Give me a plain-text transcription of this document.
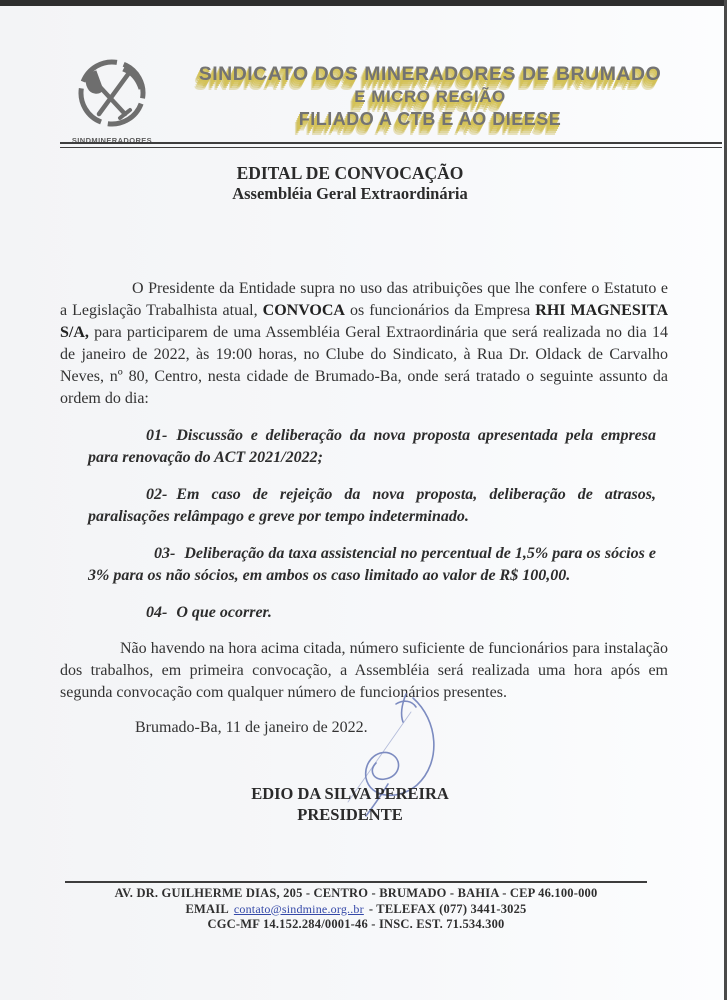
SINDMINERADORES
SINDICATO DOS MINERADORES DE BRUMADO
E MICRO REGIÃO
FILIADO A CTB E AO DIEESE
EDITAL DE CONVOCAÇÃO
Assembléia Geral Extraordinária

O Presidente da Entidade supra no uso das atribuições que lhe confere o Estatuto e a Legislação Trabalhista atual, CONVOCA os funcionários da Empresa RHI MAGNESITA S/A, para participarem de uma Assembléia Geral Extraordinária que será realizada no dia 14 de janeiro de 2022, às 19:00 horas, no Clube do Sindicato, à Rua Dr. Oldack de Carvalho Neves, nº 80, Centro, nesta cidade de Brumado-Ba, onde será tratado o seguinte assunto da ordem do dia:

01- Discussão e deliberação da nova proposta apresentada pela empresa para renovação do ACT 2021/2022;

02- Em caso de rejeição da nova proposta, deliberação de atrasos, paralisações relâmpago e greve por tempo indeterminado.

03- Deliberação da taxa assistencial no percentual de 1,5% para os sócios e 3% para os não sócios, em ambos os caso limitado ao valor de R$ 100,00.

04- O que ocorrer.

Não havendo na hora acima citada, número suficiente de funcionários para instalação dos trabalhos, em primeira convocação, a Assembléia será realizada uma hora após em segunda convocação com qualquer número de funcionários presentes.

Brumado-Ba, 11 de janeiro de 2022.

EDIO DA SILVA PEREIRA
PRESIDENTE
AV. DR. GUILHERME DIAS, 205 - CENTRO - BRUMADO - BAHIA - CEP 46.100-000
EMAIL contato@sindmine.org..br - TELEFAX (077) 3441-3025
CGC-MF 14.152.284/0001-46 - INSC. EST. 71.534.300
